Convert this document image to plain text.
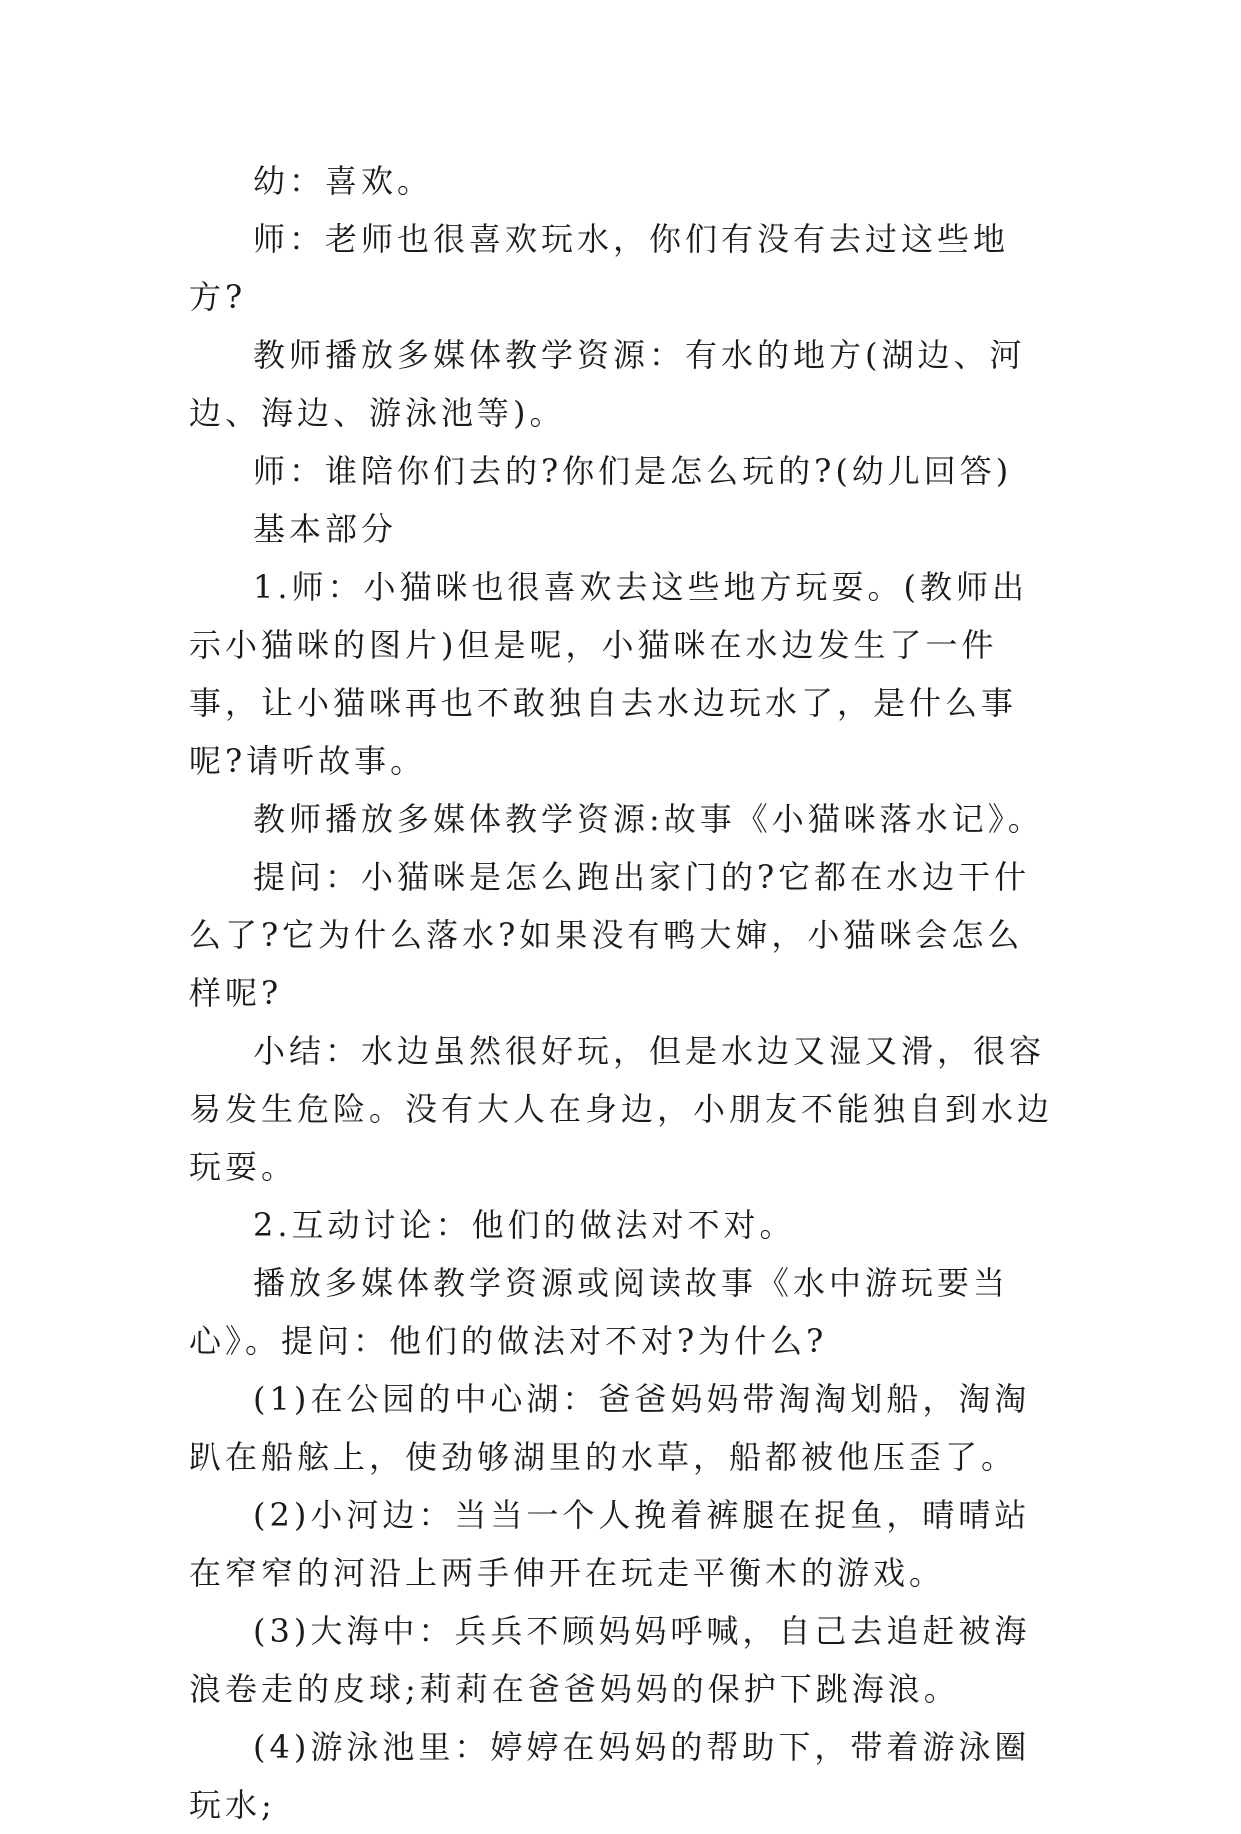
幼：喜欢。

师：老师也很喜欢玩水，你们有没有去过这些地方?

教师播放多媒体教学资源：有水的地方(湖边、河边、海边、游泳池等)。

师：谁陪你们去的?你们是怎么玩的?(幼儿回答)

基本部分

1.师：小猫咪也很喜欢去这些地方玩耍。(教师出示小猫咪的图片)但是呢，小猫咪在水边发生了一件事，让小猫咪再也不敢独自去水边玩水了，是什么事呢?请听故事。

教师播放多媒体教学资源:故事《小猫咪落水记》。

提问：小猫咪是怎么跑出家门的?它都在水边干什么了?它为什么落水?如果没有鸭大婶，小猫咪会怎么样呢?

小结：水边虽然很好玩，但是水边又湿又滑，很容易发生危险。没有大人在身边，小朋友不能独自到水边玩耍。

2.互动讨论：他们的做法对不对。

播放多媒体教学资源或阅读故事《水中游玩要当心》。提问：他们的做法对不对?为什么?

(1)在公园的中心湖：爸爸妈妈带淘淘划船，淘淘趴在船舷上，使劲够湖里的水草，船都被他压歪了。

(2)小河边：当当一个人挽着裤腿在捉鱼，晴晴站在窄窄的河沿上两手伸开在玩走平衡木的游戏。

(3)大海中：兵兵不顾妈妈呼喊，自己去追赶被海浪卷走的皮球;莉莉在爸爸妈妈的保护下跳海浪。

(4)游泳池里：婷婷在妈妈的帮助下，带着游泳圈玩水;
